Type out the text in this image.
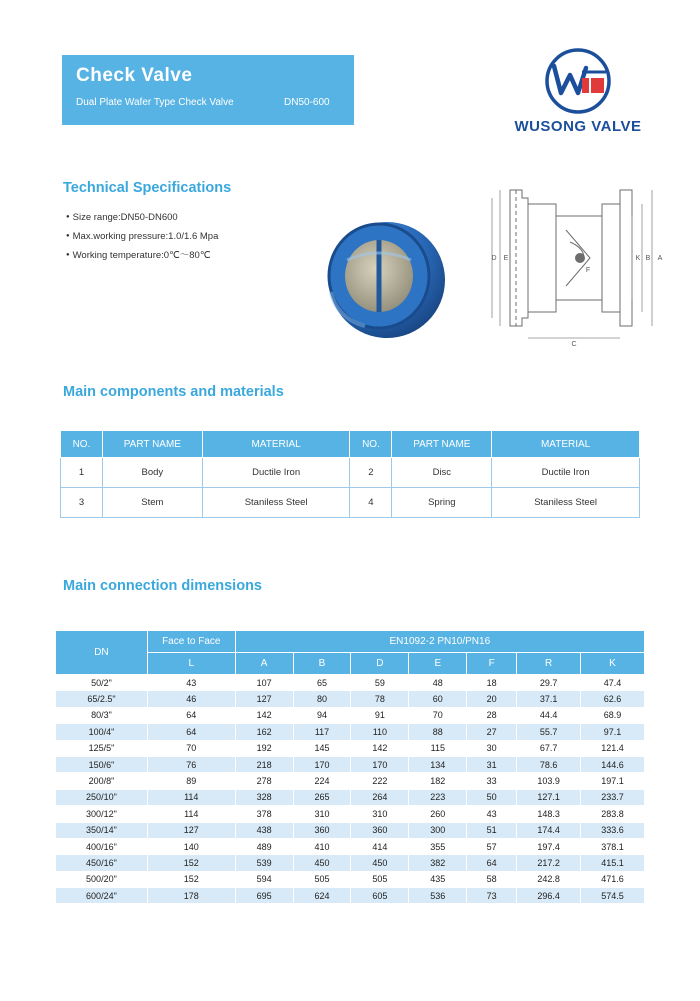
Check Valve
Dual Plate Wafer Type Check Valve	DN50-600
WUSONG VALVE
Technical Specifications
● Size range:DN50-DN600
● Max.working pressure:1.0/1.6 Mpa
● Working temperature:0℃～80℃	D E	K B A
F
C
Main components and materials
NO.	PART NAME	MATERIAL	NO.	PART NAME	MATERIAL
1	Body	Ductile Iron	2	Disc	Ductile Iron
3	Stem	Staniless Steel	4	Spring	Staniless Steel
Main connection dimensions
DN	Face to Face	EN1092-2 PN10/PN16						
	L	A	B	D	E	F	R	K
50/2"	43	107	65	59	48	18	29.7	47.4
65/2.5"	46	127	80	78	60	20	37.1	62.6
80/3"	64	142	94	91	70	28	44.4	68.9
100/4"	64	162	117	110	88	27	55.7	97.1
125/5"	70	192	145	142	115	30	67.7	121.4
150/6"	76	218	170	170	134	31	78.6	144.6
200/8"	89	278	224	222	182	33	103.9	197.1
250/10"	114	328	265	264	223	50	127.1	233.7
300/12"	114	378	310	310	260	43	148.3	283.8
350/14"	127	438	360	360	300	51	174.4	333.6
400/16"	140	489	410	414	355	57	197.4	378.1
450/16"	152	539	450	450	382	64	217.2	415.1
500/20"	152	594	505	505	435	58	242.8	471.6
600/24"	178	695	624	605	536	73	296.4	574.5
